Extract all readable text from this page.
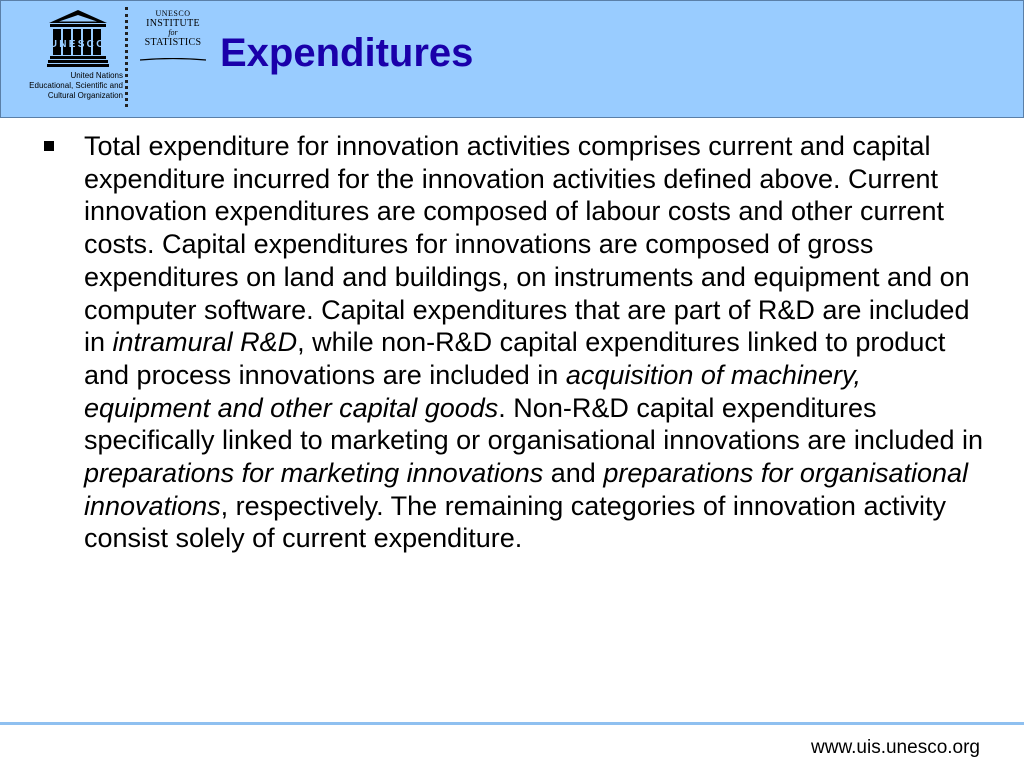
UNESCO
United Nations
Educational, Scientific and
Cultural Organization
UNESCO
INSTITUTE
for
STATISTICS Expenditures

Total expenditure for innovation activities comprises current and capital expenditure incurred for the innovation activities defined above. Current innovation expenditures are composed of labour costs and other current costs. Capital expenditures for innovations are composed of gross expenditures on land and buildings, on instruments and equipment and on computer software. Capital expenditures that are part of R&D are included in intramural R&D, while non-R&D capital expenditures linked to product and process innovations are included in acquisition of machinery, equipment and other capital goods. Non-R&D capital expenditures specifically linked to marketing or organisational innovations are included in preparations for marketing innovations and preparations for organisational innovations, respectively. The remaining categories of innovation activity consist solely of current expenditure.

www.uis.unesco.org
